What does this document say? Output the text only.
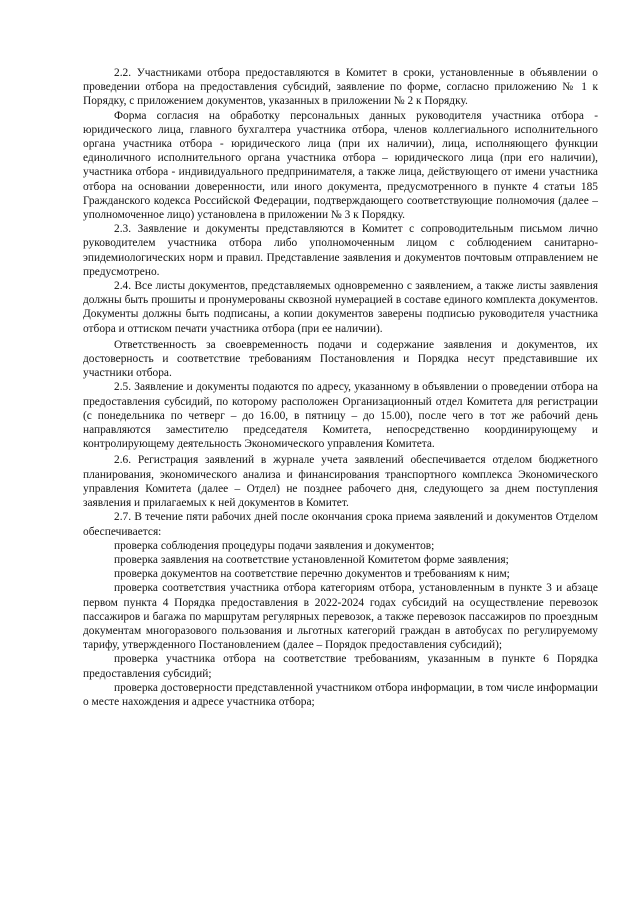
2.2. Участниками отбора предоставляются в Комитет в сроки, установленные в объявлении о проведении отбора на предоставления субсидий, заявление по форме, согласно приложению № 1 к Порядку, с приложением документов, указанных в приложении № 2 к Порядку.

Форма согласия на обработку персональных данных руководителя участника отбора - юридического лица, главного бухгалтера участника отбора, членов коллегиального исполнительного органа участника отбора - юридического лица (при их наличии), лица, исполняющего функции единоличного исполнительного органа участника отбора – юридического лица (при его наличии), участника отбора - индивидуального предпринимателя, а также лица, действующего от имени участника отбора на основании доверенности, или иного документа, предусмотренного в пункте 4 статьи 185 Гражданского кодекса Российской Федерации, подтверждающего соответствующие полномочия (далее – уполномоченное лицо) установлена в приложении № 3 к Порядку.

2.3. Заявление и документы представляются в Комитет с сопроводительным письмом лично руководителем участника отбора либо уполномоченным лицом с соблюдением санитарно-эпидемиологических норм и правил. Представление заявления и документов почтовым отправлением не предусмотрено.

2.4. Все листы документов, представляемых одновременно с заявлением, а также листы заявления должны быть прошиты и пронумерованы сквозной нумерацией в составе единого комплекта документов. Документы должны быть подписаны, а копии документов заверены подписью руководителя участника отбора и оттиском печати участника отбора (при ее наличии).

Ответственность за своевременность подачи и содержание заявления и документов, их достоверность и соответствие требованиям Постановления и Порядка несут представившие их участники отбора.

2.5. Заявление и документы подаются по адресу, указанному в объявлении о проведении отбора на предоставления субсидий, по которому расположен Организационный отдел Комитета для регистрации (с понедельника по четверг – до 16.00, в пятницу – до 15.00), после чего в тот же рабочий день направляются заместителю председателя Комитета, непосредственно координирующему и контролирующему деятельность Экономического управления Комитета.

2.6. Регистрация заявлений в журнале учета заявлений обеспечивается отделом бюджетного планирования, экономического анализа и финансирования транспортного комплекса Экономического управления Комитета (далее – Отдел) не позднее рабочего дня, следующего за днем поступления заявления и прилагаемых к ней документов в Комитет.

2.7. В течение пяти рабочих дней после окончания срока приема заявлений и документов Отделом обеспечивается:

проверка соблюдения процедуры подачи заявления и документов;

проверка заявления на соответствие установленной Комитетом форме заявления;

проверка документов на соответствие перечню документов и требованиям к ним;

проверка соответствия участника отбора категориям отбора, установленным в пункте 3 и абзаце первом пункта 4 Порядка предоставления в 2022-2024 годах субсидий на осуществление перевозок пассажиров и багажа по маршрутам регулярных перевозок, а также перевозок пассажиров по проездным документам многоразового пользования и льготных категорий граждан в автобусах по регулируемому тарифу, утвержденного Постановлением (далее – Порядок предоставления субсидий);

проверка участника отбора на соответствие требованиям, указанным в пункте 6 Порядка предоставления субсидий;

проверка достоверности представленной участником отбора информации, в том числе информации о месте нахождения и адресе участника отбора;
